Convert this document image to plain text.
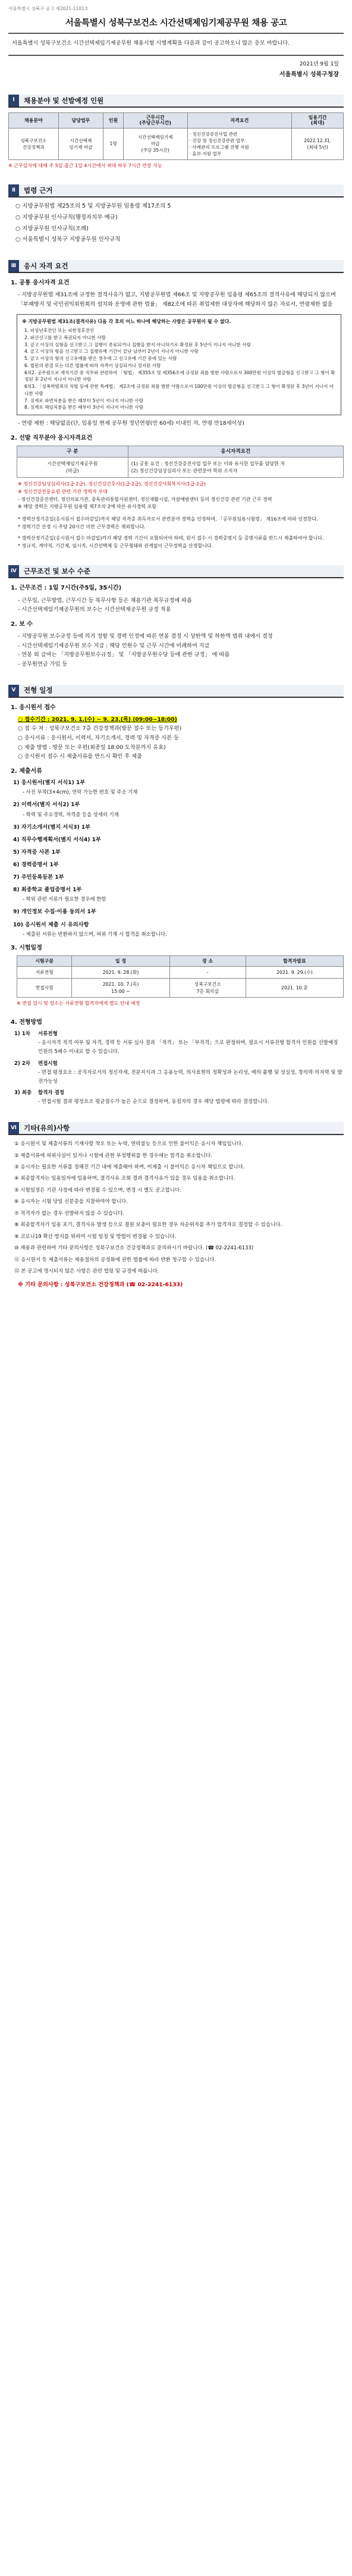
서울특별시 성북구 공고 제2021-1101호
서울특별시 성북구보건소 시간선택제임기제공무원 채용 공고
서울특별시 성북구보건소 시간선택제임기제공무원 채용시험 시행계획을 다음과 같이 공고하오니 많은 응모 바랍니다.
2021년 9월 1일
서울특별시 성북구청장
Ⅰ	채용분야 및 선발예정 인원
채용분야	담당업무	인원	근무시간
(주당근무시간)	자격요건	임용기간
(최대)
성북구보건소
건강정책과	시간선택제
임기제 마급	1명	시간선택제임기제
마급
(주당 35시간)	· 정신건강증진사업 관련
· 건강 및 정신건강관련 업무
· 사례관리 프로그램 진행 지원
· 홍보·지원 업무	2022.12.31.
(최대 5년)
※ 근무일자에 대해 주 5일 출근 1일 4시간에서 최대 하루 7시간 연장 가능
Ⅱ	법령 근거
○ 지방공무원법 제25조의 5 및 지방공무원 임용령 제17조의 5
○ 지방공무원 인사규칙(행정자치부 예규)
○ 지방공무원 인사규칙(조례)
○ 서울특별시 성북구 지방공무원 인사규칙
Ⅲ	응시 자격 요건
1. 공통 응시자격 요건
- 지방공무원법 제31조에 규정한 결격사유가 없고, 지방공무원법 제66조 및 지방공무원 임용령 제65조의 결격사유에 해당되지 않으며 「부패방지 및 국민권익위원회의 설치와 운영에 관한 법률」 제82조에 따른 취업제한 대상자에 해당하지 않은 자로서, 연령제한 없음
※ 지방공무원법 제31조(결격사유) 다음 각 호의 어느 하나에 해당하는 사람은 공무원이 될 수 없다.
1. 피성년후견인 또는 피한정후견인
2. 파산선고를 받고 복권되지 아니한 사람
3. 금고 이상의 실형을 선고받고 그 집행이 종료되거나 집행을 받지 아니하기로 확정된 후 5년이 지나지 아니한 사람
4. 금고 이상의 형을 선고받고 그 집행유예 기간이 끝난 날부터 2년이 지나지 아니한 사람
5. 금고 이상의 형의 선고유예를 받은 경우에 그 선고유예 기간 중에 있는 사람
6. 법원의 판결 또는 다른 법률에 따라 자격이 상실되거나 정지된 사람
6의2. 공무원으로 재직기간 중 직무와 관련하여 「형법」 제355조 및 제356조에 규정된 죄를 범한 사람으로서 300만원 이상의 벌금형을 선고받고 그 형이 확정된 후 2년이 지나지 아니한 사람
6의3. 「성폭력범죄의 처벌 등에 관한 특례법」 제2조에 규정된 죄를 범한 사람으로서 100만원 이상의 벌금형을 선고받고 그 형이 확정된 후 3년이 지나지 아니한 사람
7. 징계로 파면처분을 받은 때부터 5년이 지나지 아니한 사람
8. 징계로 해임처분을 받은 때부터 3년이 지나지 아니한 사람
- 연령 제한 : 해당없음(단, 임용일 현재 공무원 정년연령(만 60세) 이내인 자, 연령 만18세이상)
2. 선발 직무분야 응시자격요건
구 분	응시자격요건
시간선택제임기제공무원
(마급)	(1) 공통 요건 : 정신건강증진사업 업무 또는 이와 유사한 업무를 담당한 자
(2) 정신건강임상심리사 또는 관련분야 학위 소지자
※ 정신건강임상심리사(1급·2급), 정신건강간호사(1급·2급), 정신건강사회복지사(1급·2급)
※ 정신건강전문요원 관련 기관 경력자 우대
- 정신건강증진센터, 정신의료기관, 중독관리통합지원센터, 정신재활시설, 자살예방센터 등의 정신건강 관련 기관 근무 경력
※ 해당 경력은 지방공무원 임용령 제7조의 2에 따른 유사경력 포함
* 경력산정기준일(응시원서 접수마감일)까지 해당 자격증 취득자로서 관련분야 경력을 인정하며, 「공무원임용시험령」 제16조에 따라 인정한다.
* 경력기간 산정 시 주당 20시간 미만 근무경력은 제외합니다.
* 경력산정기준일(응시원서 접수 마감일)까지 해당 경력 기간이 포함되어야 하며, 원서 접수 시 경력증명서 등 증명서류를 반드시 제출하여야 합니다.
* 정규직, 계약직, 기간제, 임시직, 시간선택제 등 근무형태와 관계없이 근무경력을 산정합니다.
Ⅳ	근무조건 및 보수 수준
1. 근무조건 : 1일 7시간(주5일, 35시간)
- 근무일, 근무방법, 근무시간 등 복무사항 등은 채용기관 복무규정에 따름
- 시간선택제임기제공무원의 보수는 시간선택제공무원 규정 적용
2. 보 수
- 지방공무원 보수규정 등에 의거 정함 및 경력 인정에 따른 연봉 결정 시 상한액 및 하한액 범위 내에서 결정
- 시간선택제임기제공무원 보수 지급 : 해당 인원수 및 근무 시간에 비례하여 지급
- 연봉 외 급여는 「지방공무원보수규정」 및 「지방공무원수당 등에 관한 규정」 에 따름
- 공무원연금 가입 등
Ⅴ	전형 일정
1. 응시원서 접수
○ 접수기간 : 2021. 9. 1.(수) ~ 9. 23.(목) (09:00~18:00)
○ 접 수 처 : 성북구보건소 7층 건강정책과(방문 접수 또는 등기우편)
○ 응시서류 : 응시원서, 이력서, 자기소개서, 경력 및 자격증 사본 등
○ 제출 방법 : 방문 또는 우편(최종일 18:00 도착분까지 유효)
○ 응시원서 접수 시 제출서류를 반드시 확인 후 제출
2. 제출서류
1) 응시원서(별지 서식1) 1부
- 사진 부착(3×4cm), 연락 가능한 번호 및 주소 기재
2) 이력서(별지 서식2) 1부
- 학력 및 주요경력, 자격증 등을 상세히 기재
3) 자기소개서(별지 서식3) 1부
4) 직무수행계획서(별지 서식4) 1부
5) 자격증 사본 1부
6) 경력증명서 1부
7) 주민등록등본 1부
8) 최종학교 졸업증명서 1부
- 학위 관련 서류가 필요한 경우에 한함
9) 개인정보 수집·이용 동의서 1부
10) 응시원서 제출 시 유의사항
- 제출된 서류는 반환하지 않으며, 허위 기재 시 합격을 취소합니다.
3. 시험일정
시험구분	일 정	장 소	합격자발표
서류전형	2021. 9. 28.(화)	-	2021. 9. 29.(수)
면접시험	2021. 10. 7.(목)
15:00 ~	성북구보건소
7층 회의실	2021. 10.중
※ 면접 일시 및 장소는 서류전형 합격자에게 별도 안내 예정
4. 전형방법
1) 1차	서류전형
- 응시자격 적격 여부 및 자격, 경력 등 서류 심사 결과 「적격」 또는 「부적격」으로 판정하며, 필요시 서류전형 합격자 인원을 선발예정 인원의 5배수 이내로 할 수 있습니다.
2) 2차	면접시험
- 면접 평정요소 : 공직자로서의 정신자세, 전문지식과 그 응용능력, 의사표현의 정확성과 논리성, 예의·품행 및 성실성, 창의력·의지력 및 발전가능성
3) 최종	합격자 결정
- 면접시험 결과 평정요소 평균점수가 높은 순으로 결정하며, 동점자의 경우 해당 법령에 따라 결정합니다.
Ⅵ	기타(유의)사항
① 응시원서 및 제출서류의 기재사항 착오 또는 누락, 연락불능 등으로 인한 불이익은 응시자 책임입니다.
② 제출서류에 허위사실이 있거나 시험에 관한 부정행위를 한 경우에는 합격을 취소합니다.
③ 응시자는 필요한 서류를 정해진 기간 내에 제출해야 하며, 미제출 시 불이익은 응시자 책임으로 합니다.
④ 최종합격자는 임용일자에 임용하며, 결격사유 조회 결과 결격사유가 있을 경우 임용을 취소합니다.
⑤ 시험일정은 기관 사정에 따라 변경될 수 있으며, 변경 시 별도 공고합니다.
⑥ 응시자는 시험 당일 신분증을 지참하여야 합니다.
⑦ 적격자가 없는 경우 선발하지 않을 수 있습니다.
⑧ 최종합격자가 임용 포기, 결격사유 발생 등으로 결원 보충이 필요한 경우 차순위자를 추가 합격자로 결정할 수 있습니다.
⑨ 코로나19 확산 방지를 위하여 시험 일정 및 방법이 변경될 수 있습니다.
⑩ 채용과 관련하여 기타 문의사항은 성북구보건소 건강정책과로 문의하시기 바랍니다. (☎ 02-2241-6133)
⑪ 응시원서 등 제출서류는 채용절차의 공정화에 관한 법률에 따라 반환 청구할 수 있습니다.
⑫ 본 공고에 명시되지 않은 사항은 관련 법령 및 규정에 따릅니다.
※ 기타 문의사항 : 성북구보건소 건강정책과 (☎ 02-2241-6133)
